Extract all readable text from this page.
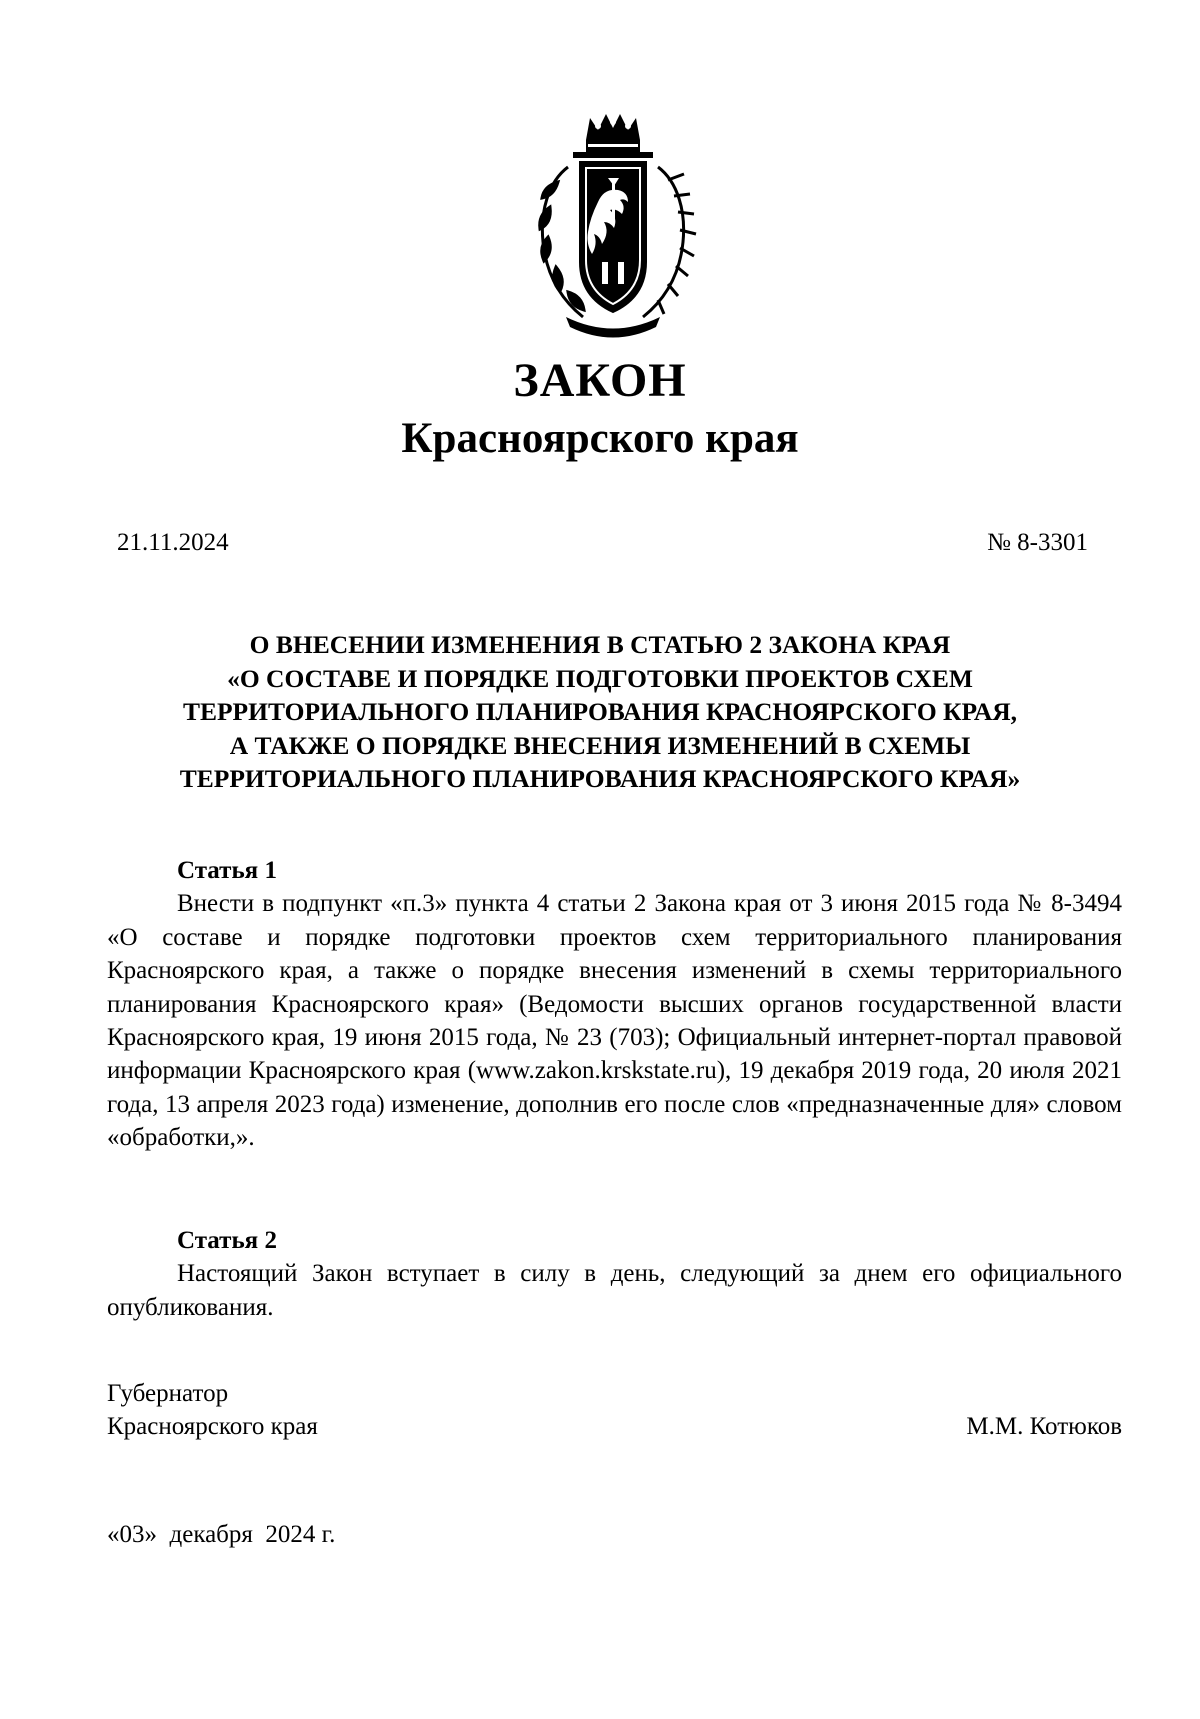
ЗАКОН
Красноярского края
21.11.2024	№ 8-3301
О ВНЕСЕНИИ ИЗМЕНЕНИЯ В СТАТЬЮ 2 ЗАКОНА КРАЯ
«О СОСТАВЕ И ПОРЯДКЕ ПОДГОТОВКИ ПРОЕКТОВ СХЕМ
ТЕРРИТОРИАЛЬНОГО ПЛАНИРОВАНИЯ КРАСНОЯРСКОГО КРАЯ,
А ТАКЖЕ О ПОРЯДКЕ ВНЕСЕНИЯ ИЗМЕНЕНИЙ В СХЕМЫ
ТЕРРИТОРИАЛЬНОГО ПЛАНИРОВАНИЯ КРАСНОЯРСКОГО КРАЯ»
Статья 1

Внести в подпункт «п.3» пункта 4 статьи 2 Закона края от 3 июня 2015 года № 8-3494 «О составе и порядке подготовки проектов схем территориального планирования Красноярского края, а также о порядке внесения изменений в схемы территориального планирования Красноярского края» (Ведомости высших органов государственной власти Красноярского края, 19 июня 2015 года, № 23 (703); Официальный интернет-портал правовой информации Красноярского края (www.zakon.krskstate.ru), 19 декабря 2019 года, 20 июля 2021 года, 13 апреля 2023 года) изменение, дополнив его после слов «предназначенные для» словом «обработки,».

Статья 2

Настоящий Закон вступает в силу в день, следующий за днем его официального опубликования.

Губернатор
Красноярского края	М.М. Котюков
«03»  декабря  2024 г.
